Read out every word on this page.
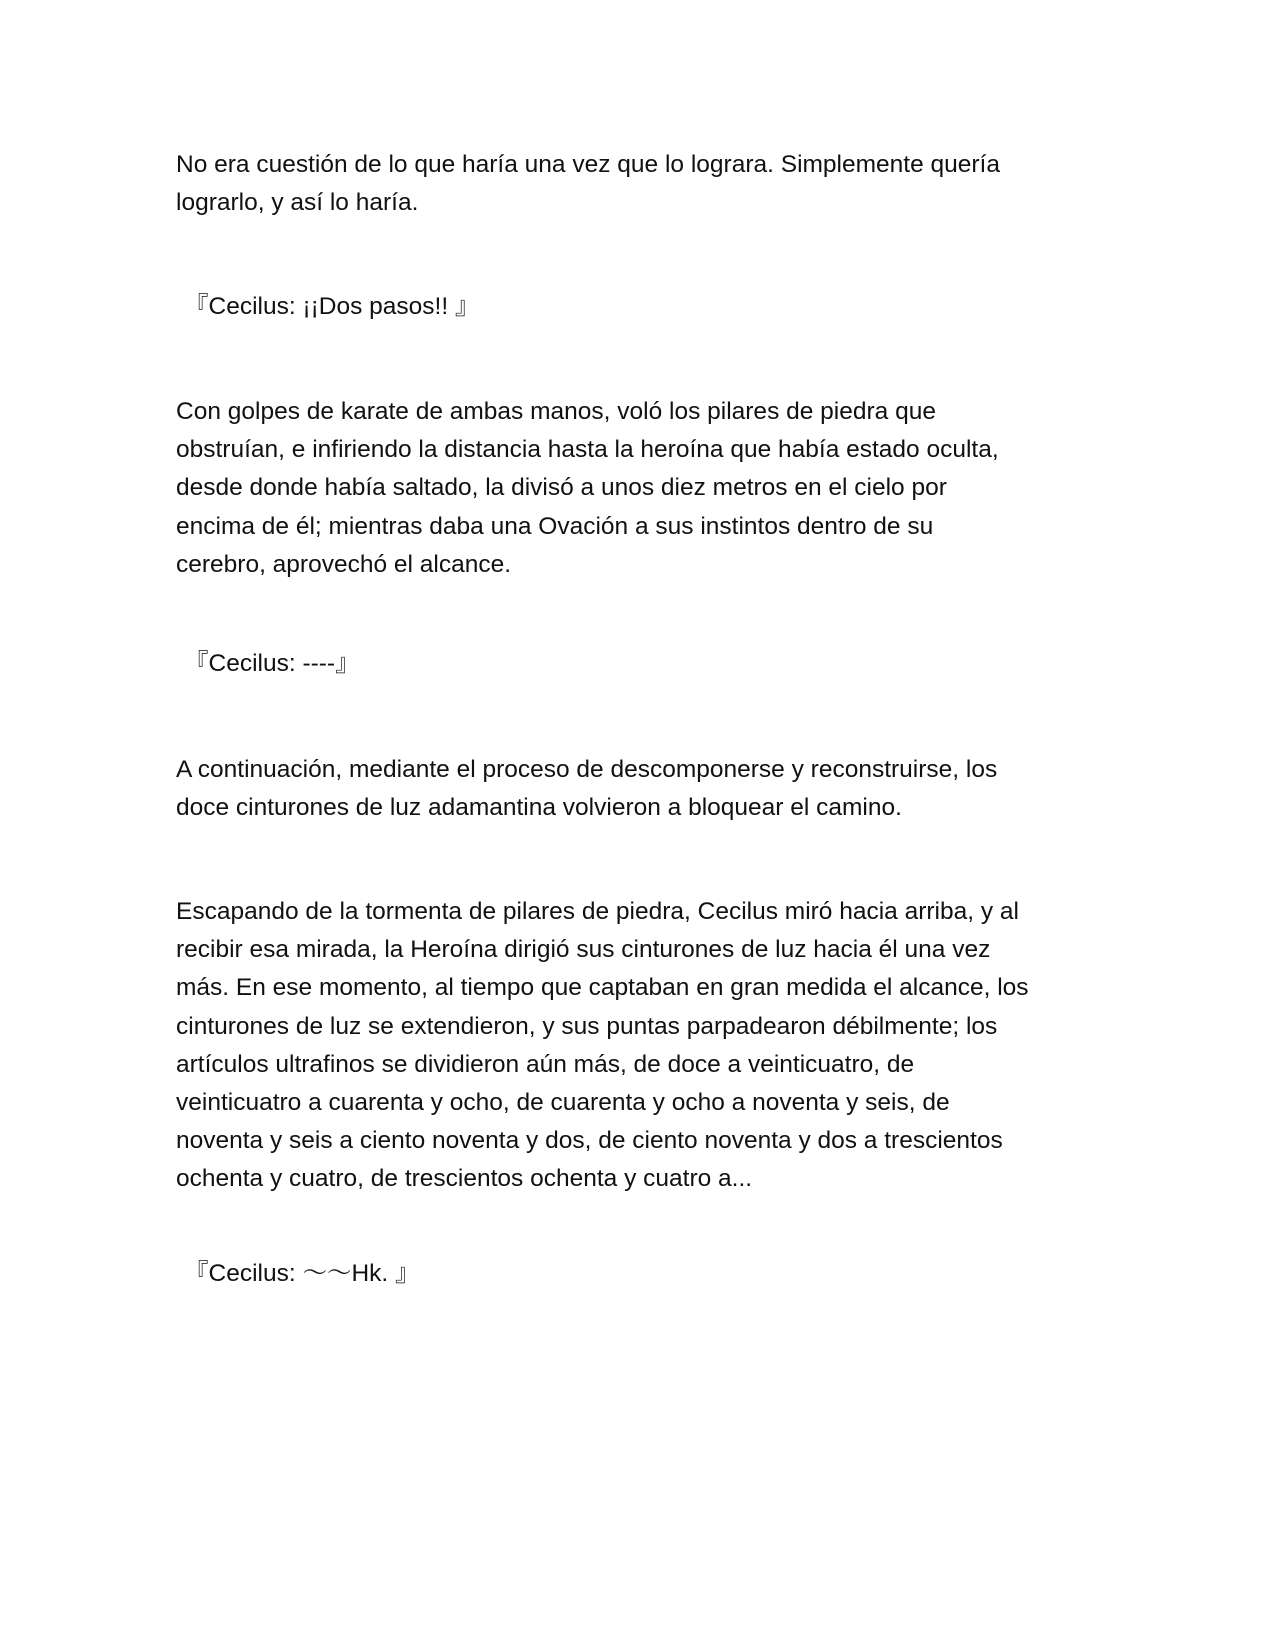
No era cuestión de lo que haría una vez que lo lograra. Simplemente quería
lograrlo, y así lo haría.

『Cecilus: ¡¡Dos pasos!! 』

Con golpes de karate de ambas manos, voló los pilares de piedra que
obstruían, e infiriendo la distancia hasta la heroína que había estado oculta,
desde donde había saltado, la divisó a unos diez metros en el cielo por
encima de él; mientras daba una Ovación a sus instintos dentro de su
cerebro, aprovechó el alcance.

『Cecilus: ----』

A continuación, mediante el proceso de descomponerse y reconstruirse, los
doce cinturones de luz adamantina volvieron a bloquear el camino.

Escapando de la tormenta de pilares de piedra, Cecilus miró hacia arriba, y al
recibir esa mirada, la Heroína dirigió sus cinturones de luz hacia él una vez
más. En ese momento, al tiempo que captaban en gran medida el alcance, los
cinturones de luz se extendieron, y sus puntas parpadearon débilmente; los
artículos ultrafinos se dividieron aún más, de doce a veinticuatro, de
veinticuatro a cuarenta y ocho, de cuarenta y ocho a noventa y seis, de
noventa y seis a ciento noventa y dos, de ciento noventa y dos a trescientos
ochenta y cuatro, de trescientos ochenta y cuatro a...

『Cecilus: ～～Hk. 』
